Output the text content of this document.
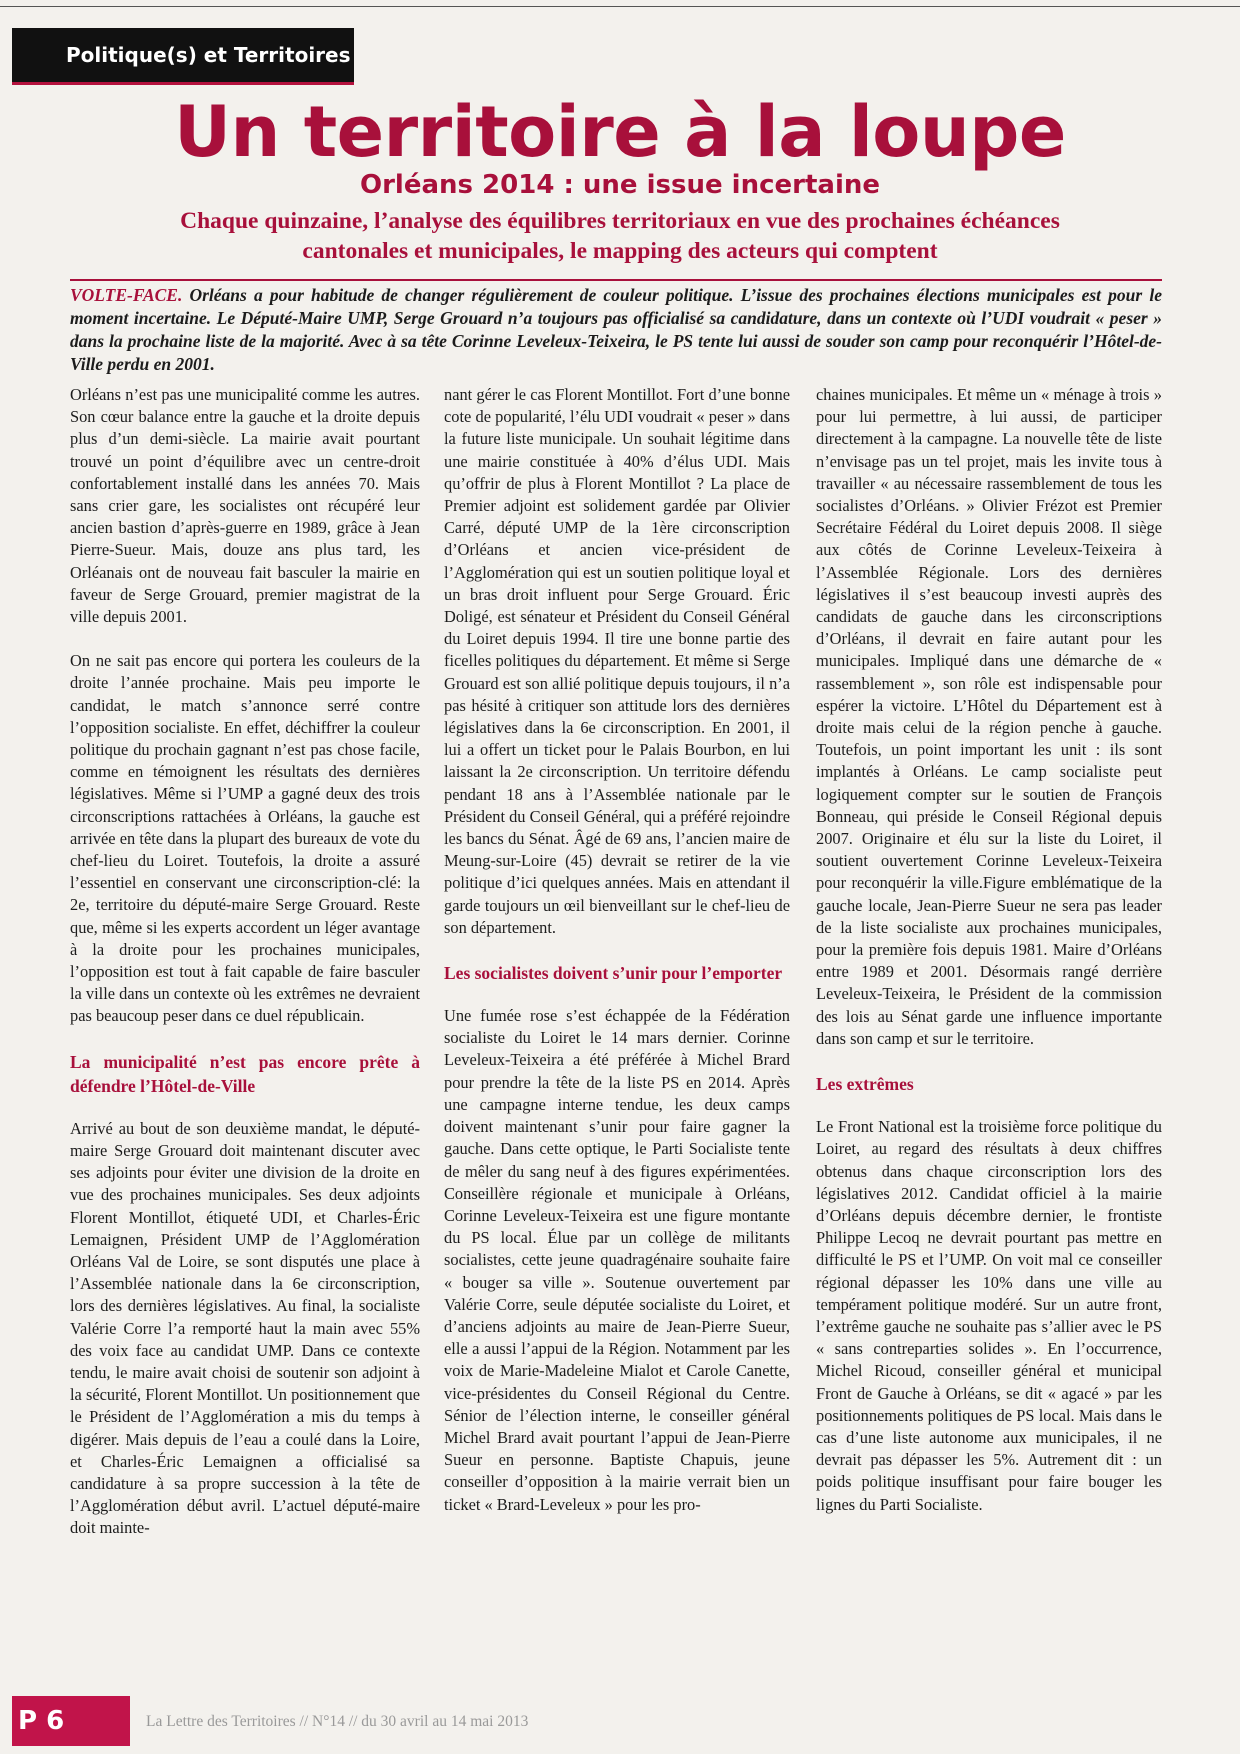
Politique(s) et Territoires
Un territoire à la loupe
Orléans 2014 : une issue incertaine
Chaque quinzaine, l’analyse des équilibres territoriaux en vue des prochaines échéances cantonales et municipales, le mapping des acteurs qui comptent

VOLTE-FACE. Orléans a pour habitude de changer régulièrement de couleur politique. L’issue des prochaines élections municipales est pour le moment incertaine. Le Député-Maire UMP, Serge Grouard n’a toujours pas officialisé sa candidature, dans un contexte où l’UDI voudrait « peser » dans la prochaine liste de la majorité. Avec à sa tête Corinne Leveleux-Teixeira, le PS tente lui aussi de souder son camp pour reconquérir l’Hôtel-de-Ville perdu en 2001.

Orléans n’est pas une municipalité comme les autres. Son cœur balance entre la gauche et la droite depuis plus d’un demi-siècle. La mairie avait pourtant trouvé un point d’équilibre avec un centre-droit confortablement installé dans les années 70. Mais sans crier gare, les socialistes ont récupéré leur ancien bastion d’après-guerre en 1989, grâce à Jean Pierre-Sueur. Mais, douze ans plus tard, les Orléanais ont de nouveau fait basculer la mairie en faveur de Serge Grouard, premier magistrat de la ville depuis 2001.

On ne sait pas encore qui portera les couleurs de la droite l’année prochaine. Mais peu importe le candidat, le match s’annonce serré contre l’opposition socialiste. En effet, déchiffrer la couleur politique du prochain gagnant n’est pas chose facile, comme en témoignent les résultats des dernières législatives. Même si l’UMP a gagné deux des trois circonscriptions rattachées à Orléans, la gauche est arrivée en tête dans la plupart des bureaux de vote du chef-lieu du Loiret. Toutefois, la droite a assuré l’essentiel en conservant une circonscription-clé: la 2e, territoire du député-maire Serge Grouard. Reste que, même si les experts accordent un léger avantage à la droite pour les prochaines municipales, l’opposition est tout à fait capable de faire basculer la ville dans un contexte où les extrêmes ne devraient pas beaucoup peser dans ce duel républicain.

La municipalité n’est pas encore prête à défendre l’Hôtel-de-Ville

Arrivé au bout de son deuxième mandat, le député-maire Serge Grouard doit maintenant discuter avec ses adjoints pour éviter une division de la droite en vue des prochaines municipales. Ses deux adjoints Florent Montillot, étiqueté UDI, et Charles-Éric Lemaignen, Président UMP de l’Agglomération Orléans Val de Loire, se sont disputés une place à l’Assemblée nationale dans la 6e circonscription, lors des dernières législatives. Au final, la socialiste Valérie Corre l’a remporté haut la main avec 55% des voix face au candidat UMP. Dans ce contexte tendu, le maire avait choisi de soutenir son adjoint à la sécurité, Florent Montillot. Un positionnement que le Président de l’Agglomération a mis du temps à digérer. Mais depuis de l’eau a coulé dans la Loire, et Charles-Éric Lemaignen a officialisé sa candidature à sa propre succession à la tête de l’Agglomération début avril. L’actuel député-maire doit mainte-

nant gérer le cas Florent Montillot. Fort d’une bonne cote de popularité, l’élu UDI voudrait « peser » dans la future liste municipale. Un souhait légitime dans une mairie constituée à 40% d’élus UDI. Mais qu’offrir de plus à Florent Montillot ? La place de Premier adjoint est solidement gardée par Olivier Carré, député UMP de la 1ère circonscription d’Orléans et ancien vice-président de l’Agglomération qui est un soutien politique loyal et un bras droit influent pour Serge Grouard. Éric Doligé, est sénateur et Président du Conseil Général du Loiret depuis 1994. Il tire une bonne partie des ficelles politiques du département. Et même si Serge Grouard est son allié politique depuis toujours, il n’a pas hésité à critiquer son attitude lors des dernières législatives dans la 6e circonscription. En 2001, il lui a offert un ticket pour le Palais Bourbon, en lui laissant la 2e circonscription. Un territoire défendu pendant 18 ans à l’Assemblée nationale par le Président du Conseil Général, qui a préféré rejoindre les bancs du Sénat. Âgé de 69 ans, l’ancien maire de Meung-sur-Loire (45) devrait se retirer de la vie politique d’ici quelques années. Mais en attendant il garde toujours un œil bienveillant sur le chef-lieu de son département.

Les socialistes doivent s’unir pour l’emporter

Une fumée rose s’est échappée de la Fédération socialiste du Loiret le 14 mars dernier. Corinne Leveleux-Teixeira a été préférée à Michel Brard pour prendre la tête de la liste PS en 2014. Après une campagne interne tendue, les deux camps doivent maintenant s’unir pour faire gagner la gauche. Dans cette optique, le Parti Socialiste tente de mêler du sang neuf à des figures expérimentées. Conseillère régionale et municipale à Orléans, Corinne Leveleux-Teixeira est une figure montante du PS local. Élue par un collège de militants socialistes, cette jeune quadragénaire souhaite faire « bouger sa ville ». Soutenue ouvertement par Valérie Corre, seule députée socialiste du Loiret, et d’anciens adjoints au maire de Jean-Pierre Sueur, elle a aussi l’appui de la Région. Notamment par les voix de Marie-Madeleine Mialot et Carole Canette, vice-présidentes du Conseil Régional du Centre. Sénior de l’élection interne, le conseiller général Michel Brard avait pourtant l’appui de Jean-Pierre Sueur en personne. Baptiste Chapuis, jeune conseiller d’opposition à la mairie verrait bien un ticket « Brard-Leveleux » pour les pro-

chaines municipales. Et même un « ménage à trois » pour lui permettre, à lui aussi, de participer directement à la campagne. La nouvelle tête de liste n’envisage pas un tel projet, mais les invite tous à travailler « au nécessaire rassemblement de tous les socialistes d’Orléans. » Olivier Frézot est Premier Secrétaire Fédéral du Loiret depuis 2008. Il siège aux côtés de Corinne Leveleux-Teixeira à l’Assemblée Régionale. Lors des dernières législatives il s’est beaucoup investi auprès des candidats de gauche dans les circonscriptions d’Orléans, il devrait en faire autant pour les municipales. Impliqué dans une démarche de « rassemblement », son rôle est indispensable pour espérer la victoire. L’Hôtel du Département est à droite mais celui de la région penche à gauche. Toutefois, un point important les unit : ils sont implantés à Orléans. Le camp socialiste peut logiquement compter sur le soutien de François Bonneau, qui préside le Conseil Régional depuis 2007. Originaire et élu sur la liste du Loiret, il soutient ouvertement Corinne Leveleux-Teixeira pour reconquérir la ville.Figure emblématique de la gauche locale, Jean-Pierre Sueur ne sera pas leader de la liste socialiste aux prochaines municipales, pour la première fois depuis 1981. Maire d’Orléans entre 1989 et 2001. Désormais rangé derrière Leveleux-Teixeira, le Président de la commission des lois au Sénat garde une influence importante dans son camp et sur le territoire.

Les extrêmes

Le Front National est la troisième force politique du Loiret, au regard des résultats à deux chiffres obtenus dans chaque circonscription lors des législatives 2012. Candidat officiel à la mairie d’Orléans depuis décembre dernier, le frontiste Philippe Lecoq ne devrait pourtant pas mettre en difficulté le PS et l’UMP. On voit mal ce conseiller régional dépasser les 10% dans une ville au tempérament politique modéré. Sur un autre front, l’extrême gauche ne souhaite pas s’allier avec le PS « sans contreparties solides ». En l’occurrence, Michel Ricoud, conseiller général et municipal Front de Gauche à Orléans, se dit « agacé » par les positionnements politiques de PS local. Mais dans le cas d’une liste autonome aux municipales, il ne devrait pas dépasser les 5%. Autrement dit : un poids politique insuffisant pour faire bouger les lignes du Parti Socialiste.

P 6	La Lettre des Territoires // N°14 // du 30 avril au 14 mai 2013
